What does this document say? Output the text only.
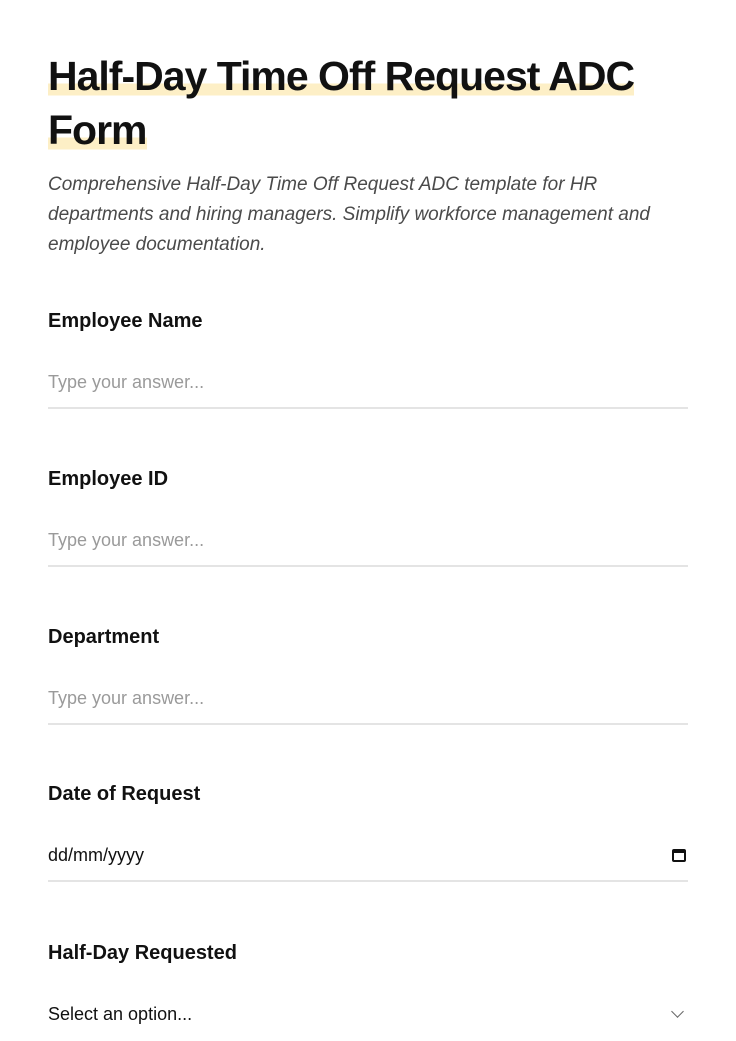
Half-Day Time Off Request ADC Form

Comprehensive Half-Day Time Off Request ADC template for HR departments and hiring managers. Simplify workforce management and employee documentation.

Employee Name
Type your answer...
Employee ID
Type your answer...
Department
Type your answer...
Date of Request
dd/mm/yyyy
Half-Day Requested
Select an option...
